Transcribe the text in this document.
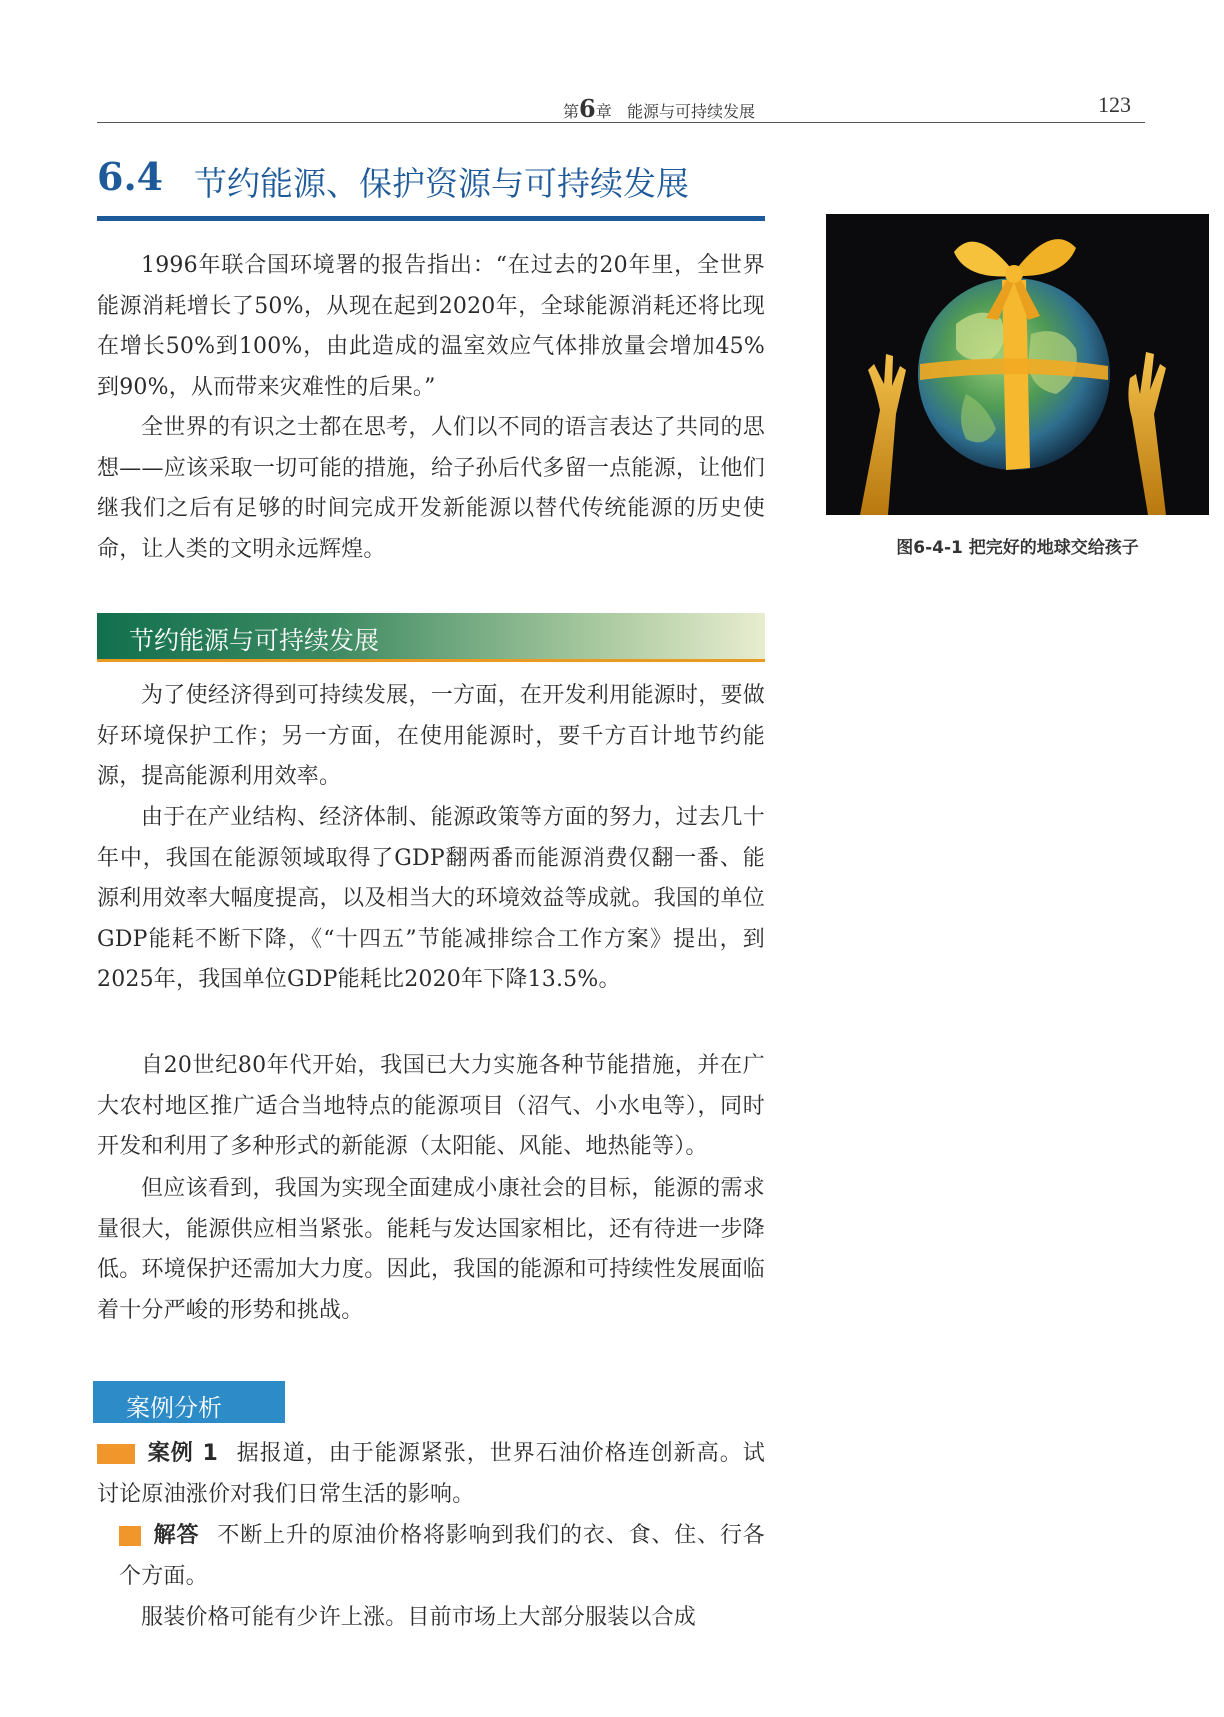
第6章 能源与可持续发展	123
6.4 节约能源、保护资源与可持续发展

1996年联合国环境署的报告指出：“在过去的20年里，全世界能源消耗增长了50%，从现在起到2020年，全球能源消耗还将比现在增长50%到100%，由此造成的温室效应气体排放量会增加45%到90%，从而带来灾难性的后果。”

全世界的有识之士都在思考，人们以不同的语言表达了共同的思想——应该采取一切可能的措施，给子孙后代多留一点能源，让他们继我们之后有足够的时间完成开发新能源以替代传统能源的历史使命，让人类的文明永远辉煌。	图6-4-1 把完好的地球交给孩子
节约能源与可持续发展

为了使经济得到可持续发展，一方面，在开发利用能源时，要做好环境保护工作；另一方面，在使用能源时，要千方百计地节约能源，提高能源利用效率。

由于在产业结构、经济体制、能源政策等方面的努力，过去几十年中，我国在能源领域取得了GDP翻两番而能源消费仅翻一番、能源利用效率大幅度提高，以及相当大的环境效益等成就。我国的单位GDP能耗不断下降，《“十四五”节能减排综合工作方案》提出，到2025年，我国单位GDP能耗比2020年下降13.5%。

自20世纪80年代开始，我国已大力实施各种节能措施，并在广大农村地区推广适合当地特点的能源项目（沼气、小水电等），同时开发和利用了多种形式的新能源（太阳能、风能、地热能等）。

但应该看到，我国为实现全面建成小康社会的目标，能源的需求量很大，能源供应相当紧张。能耗与发达国家相比，还有待进一步降低。环境保护还需加大力度。因此，我国的能源和可持续性发展面临着十分严峻的形势和挑战。

案例分析

案例 1 据报道，由于能源紧张，世界石油价格连创新高。试讨论原油涨价对我们日常生活的影响。

解答 不断上升的原油价格将影响到我们的衣、食、住、行各个方面。

服装价格可能有少许上涨。目前市场上大部分服装以合成
